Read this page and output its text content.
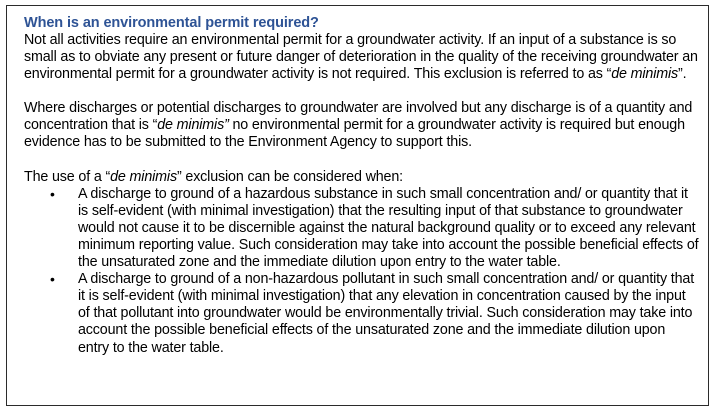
When is an environmental permit required?

Not all activities require an environmental permit for a groundwater activity. If an input of a substance is so small as to obviate any present or future danger of deterioration in the quality of the receiving groundwater an environmental permit for a groundwater activity is not required. This exclusion is referred to as “de minimis”.

Where discharges or potential discharges to groundwater are involved but any discharge is of a quantity and concentration that is “de minimis” no environmental permit for a groundwater activity is required but enough evidence has to be submitted to the Environment Agency to support this.

The use of a “de minimis” exclusion can be considered when:

•	A discharge to ground of a hazardous substance in such small concentration and/ or quantity that it is self-evident (with minimal investigation) that the resulting input of that substance to groundwater would not cause it to be discernible against the natural background quality or to exceed any relevant minimum reporting value. Such consideration may take into account the possible beneficial effects of the unsaturated zone and the immediate dilution upon entry to the water table.
•	A discharge to ground of a non-hazardous pollutant in such small concentration and/ or quantity that it is self-evident (with minimal investigation) that any elevation in concentration caused by the input of that pollutant into groundwater would be environmentally trivial. Such consideration may take into account the possible beneficial effects of the unsaturated zone and the immediate dilution upon entry to the water table.
